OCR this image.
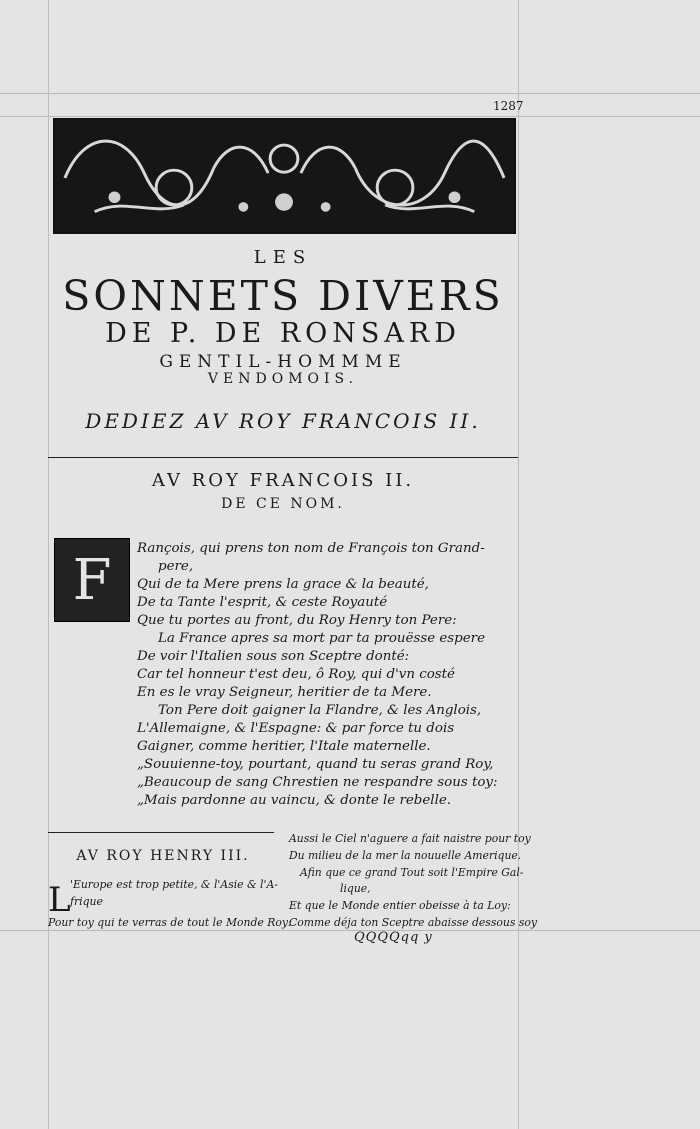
1287
LES
SONNETS DIVERS
DE P. DE RONSARD
GENTIL-HOMMME
VENDOMOIS.
DEDIEZ AV ROY FRANCOIS II.
AV ROY FRANCOIS II.
DE CE NOM.
F	Rançois, qui prens ton nom de François ton Grand-
pere,
Qui de ta Mere prens la grace & la beauté,
De ta Tante l'esprit, & ceste Royauté
Que tu portes au front, du Roy Henry ton Pere:
La France apres sa mort par ta prouësse espere
De voir l'Italien sous son Sceptre donté:
Car tel honneur t'est deu, ô Roy, qui d'vn costé
En es le vray Seigneur, heritier de ta Mere.
Ton Pere doit gaigner la Flandre, & les Anglois,
L'Allemaigne, & l'Espagne: & par force tu dois
Gaigner, comme heritier, l'Itale maternelle.
„Souuienne-toy, pourtant, quand tu seras grand Roy,
„Beaucoup de sang Chrestien ne respandre sous toy:
„Mais pardonne au vaincu, & donte le rebelle.
AV ROY HENRY III.
L 'Europe est trop petite, & l'Asie & l'A-
frique
Pour toy qui te verras de tout le Monde Roy:
Aussi le Ciel n'aguere a fait naistre pour toy
Du milieu de la mer la nouuelle Amerique.
Afin que ce grand Tout soit l'Empire Gal-
lique,
Et que le Monde entier obeisse à ta Loy:
Comme déja ton Sceptre abaisse dessous soy
QQQQqq y
